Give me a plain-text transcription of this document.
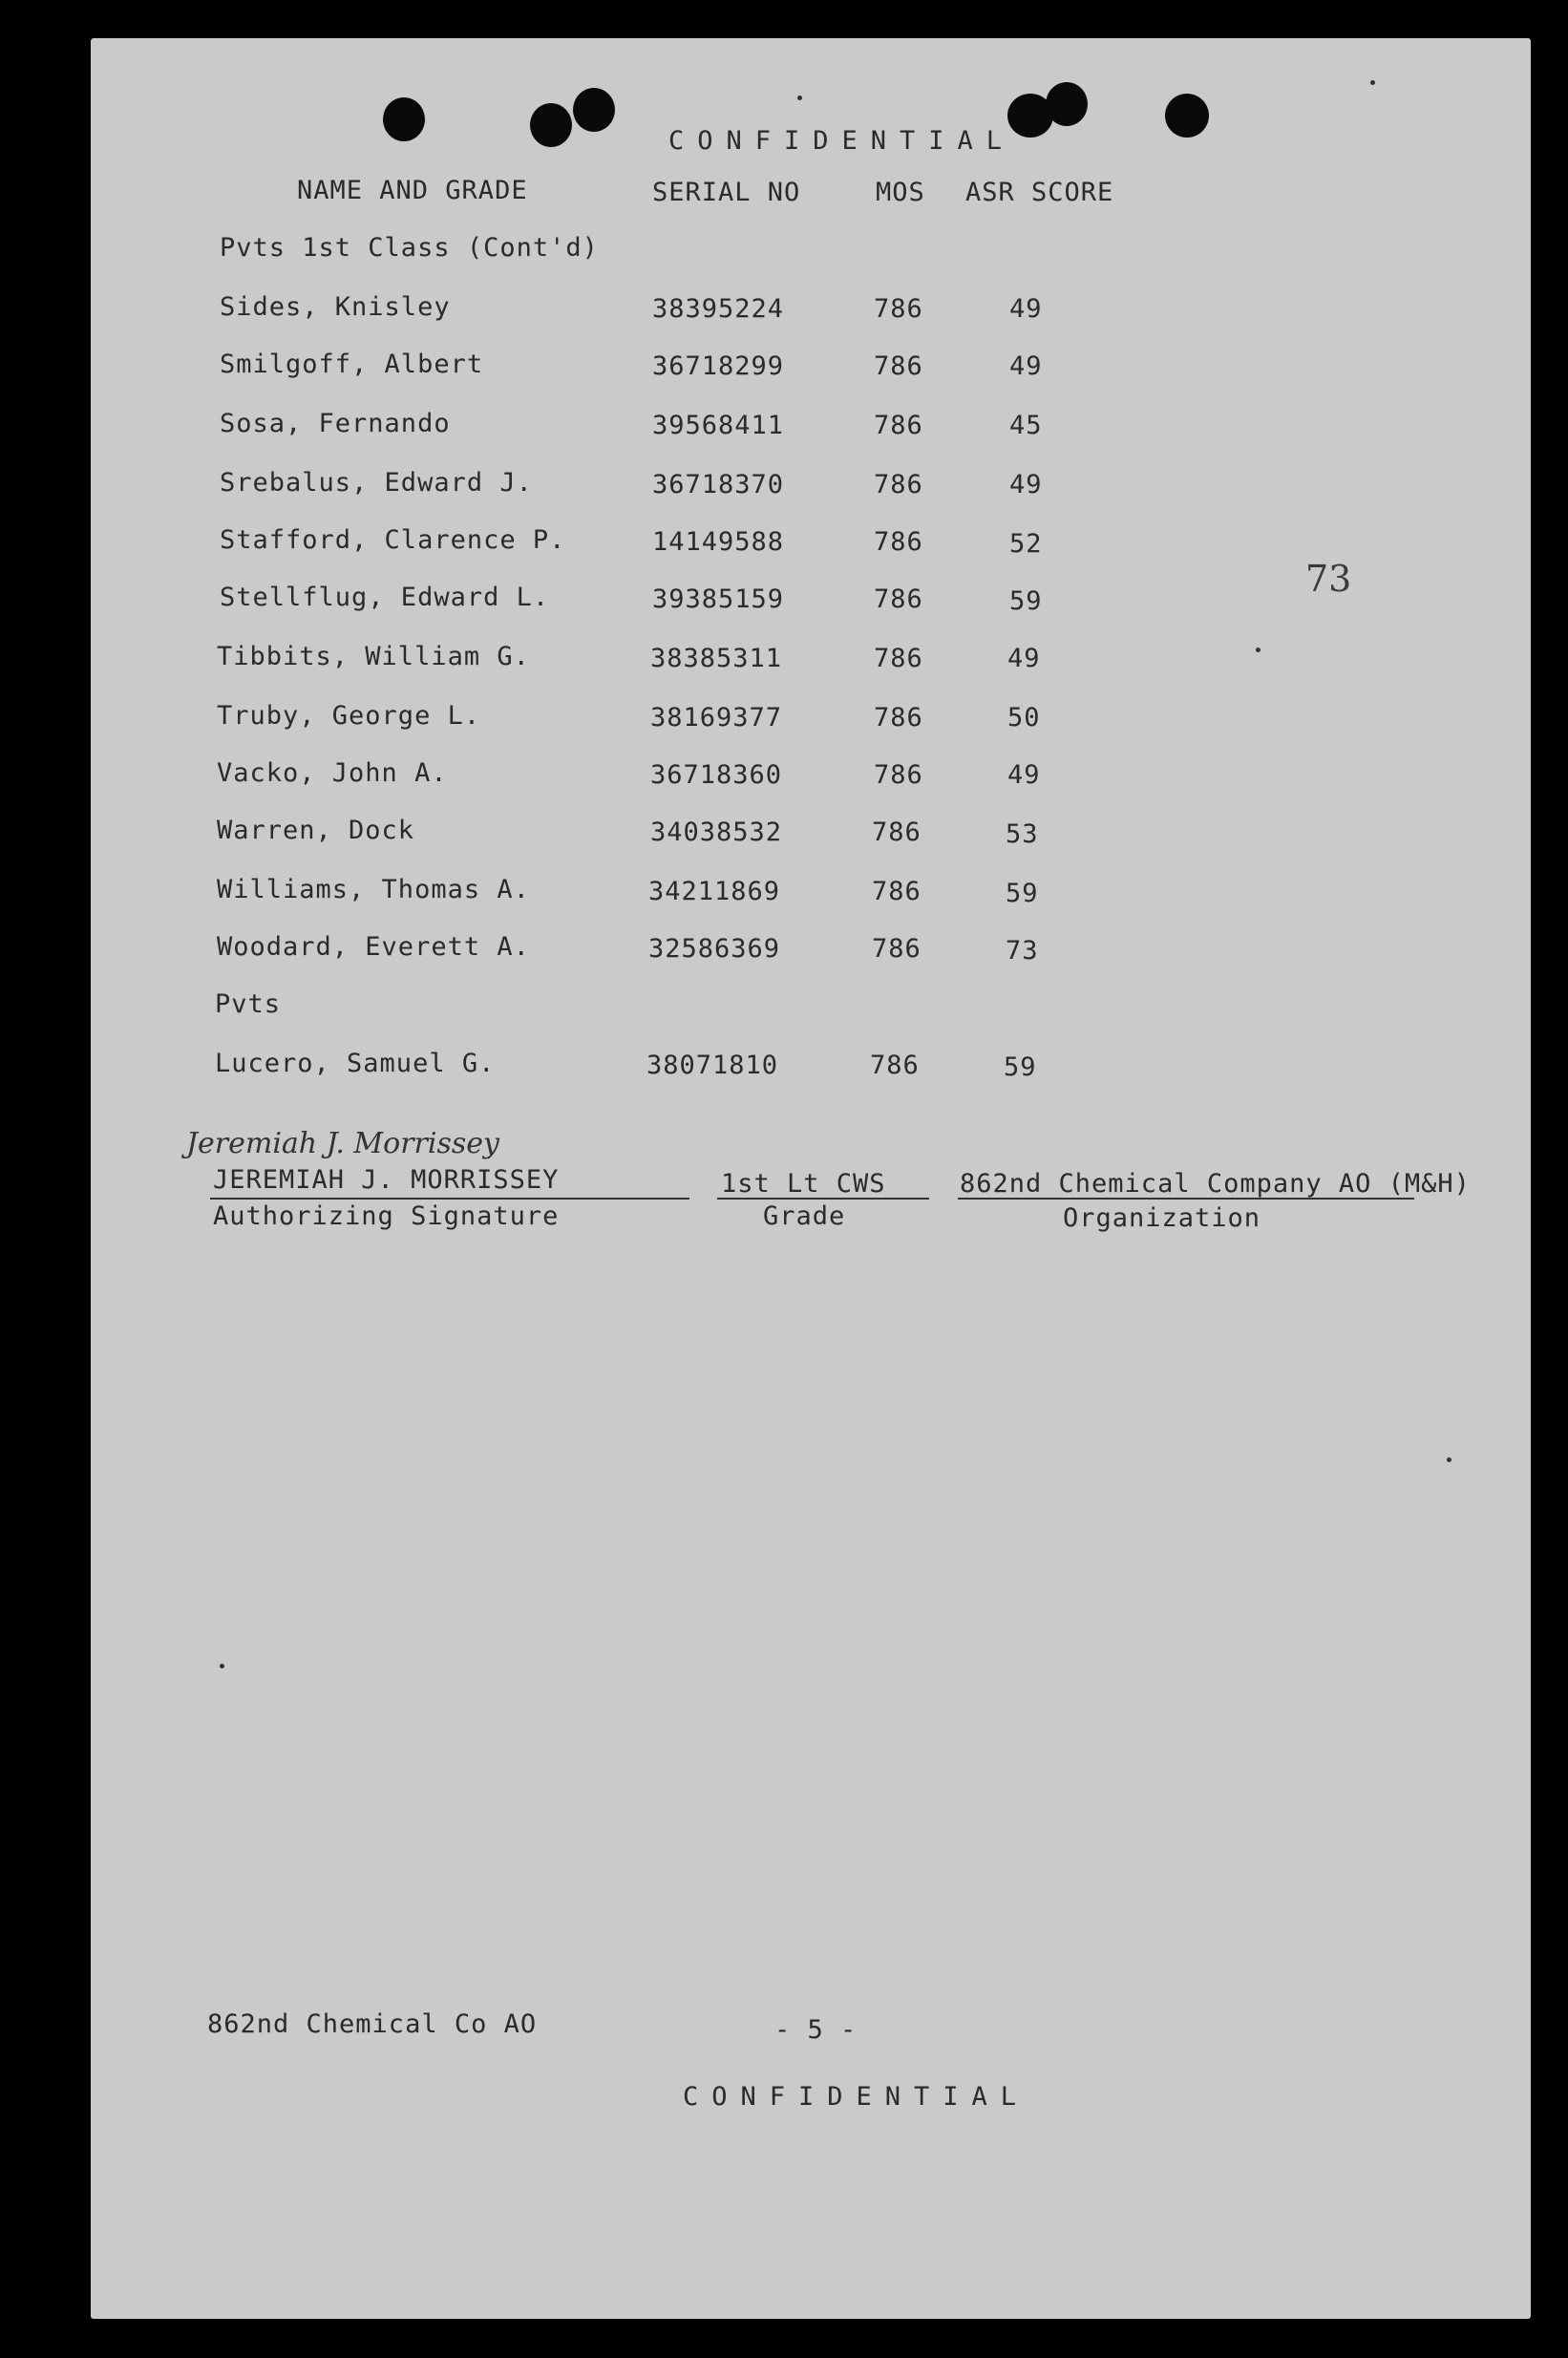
CONFIDENTIAL
NAME AND GRADE	SERIAL NO	MOS ASR SCORE
Pvts 1st Class (Cont'd)
Sides, Knisley	38395224	786	49
Smilgoff, Albert	36718299	786	49
Sosa, Fernando	39568411	786	45
Srebalus, Edward J.	36718370	786	49
Stafford, Clarence P.	14149588	786	52
Stellflug, Edward L.	39385159	786	59
Tibbits, William G.	38385311	786	49
Truby, George L.	38169377	786	50
Vacko, John A.	36718360	786	49
Warren, Dock	34038532	786	53
Williams, Thomas A.	34211869	786	59
Woodard, Everett A.	32586369	786	73
Pvts
Lucero, Samuel G.	38071810	786	59
73
Jeremiah J. Morrissey
JEREMIAH J. MORRISSEY
Authorizing Signature
1st Lt CWS
Grade
862nd Chemical Company AO (M&H)
Organization
862nd Chemical Co AO	- 5 -
CONFIDENTIAL
